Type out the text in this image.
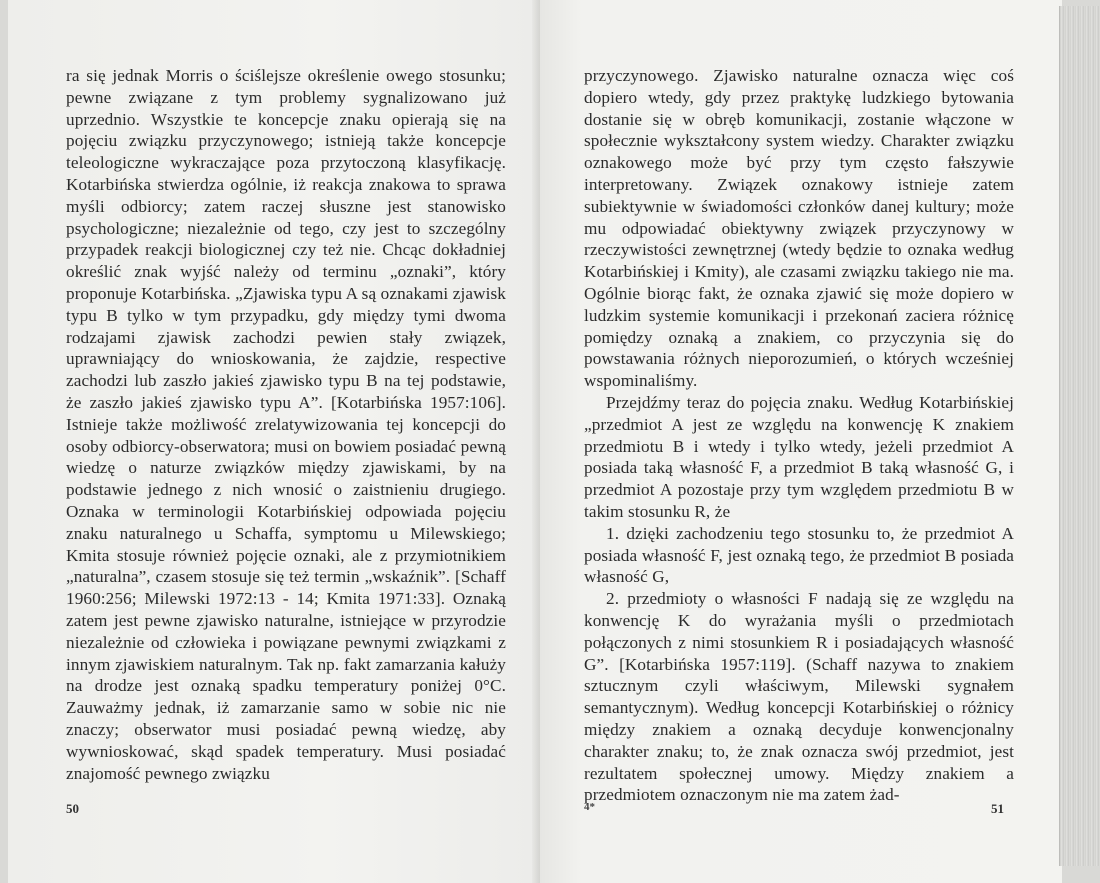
ra się jednak Morris o ściślejsze określenie owego stosunku; pewne związane z tym problemy sygnalizowano już uprzednio. Wszystkie te koncepcje znaku opierają się na pojęciu związku przyczynowego; istnieją także koncepcje teleologiczne wykraczające poza przytoczoną klasyfikację. Kotarbińska stwierdza ogólnie, iż reakcja znakowa to sprawa myśli odbiorcy; zatem raczej słuszne jest stanowisko psychologiczne; niezależnie od tego, czy jest to szczególny przypadek reakcji biologicznej czy też nie. Chcąc dokładniej określić znak wyjść należy od terminu „oznaki”, który proponuje Kotarbińska. „Zjawiska typu A są oznakami zjawisk typu B tylko w tym przypadku, gdy między tymi dwoma rodzajami zjawisk zachodzi pewien stały związek, uprawniający do wnioskowania, że zajdzie, respective zachodzi lub zaszło jakieś zjawisko typu B na tej podstawie, że zaszło jakieś zjawisko typu A”. [Kotarbińska 1957:106]. Istnieje także możliwość zrelatywizowania tej koncepcji do osoby odbiorcy-obserwatora; musi on bowiem posiadać pewną wiedzę o naturze związków między zjawiskami, by na podstawie jednego z nich wnosić o zaistnieniu drugiego. Oznaka w terminologii Kotarbińskiej odpowiada pojęciu znaku naturalnego u Schaffa, symptomu u Milewskiego; Kmita stosuje również pojęcie oznaki, ale z przymiotnikiem „naturalna”, czasem stosuje się też termin „wskaźnik”. [Schaff 1960:256; Milewski 1972:13 - 14; Kmita 1971:33]. Oznaką zatem jest pewne zjawisko naturalne, istniejące w przyrodzie niezależnie od człowieka i powiązane pewnymi związkami z innym zjawiskiem naturalnym. Tak np. fakt zamarzania kałuży na drodze jest oznaką spadku temperatury poniżej 0°C. Zauważmy jednak, iż zamarzanie samo w sobie nic nie znaczy; obserwator musi posiadać pewną wiedzę, aby wywnioskować, skąd spadek temperatury. Musi posiadać znajomość pewnego związku

50

przyczynowego. Zjawisko naturalne oznacza więc coś dopiero wtedy, gdy przez praktykę ludzkiego bytowania dostanie się w obręb komunikacji, zostanie włączone w społecznie wykształcony system wiedzy. Charakter związku oznakowego może być przy tym często fałszywie interpretowany. Związek oznakowy istnieje zatem subiektywnie w świadomości członków danej kultury; może mu odpowiadać obiektywny związek przyczynowy w rzeczywistości zewnętrznej (wtedy będzie to oznaka według Kotarbińskiej i Kmity), ale czasami związku takiego nie ma. Ogólnie biorąc fakt, że oznaka zjawić się może dopiero w ludzkim systemie komunikacji i przekonań zaciera różnicę pomiędzy oznaką a znakiem, co przyczynia się do powstawania różnych nieporozumień, o których wcześniej wspominaliśmy.

Przejdźmy teraz do pojęcia znaku. Według Kotarbińskiej „przedmiot A jest ze względu na konwencję K znakiem przedmiotu B i wtedy i tylko wtedy, jeżeli przedmiot A posiada taką własność F, a przedmiot B taką własność G, i przedmiot A pozostaje przy tym względem przedmiotu B w takim stosunku R, że

1. dzięki zachodzeniu tego stosunku to, że przedmiot A posiada własność F, jest oznaką tego, że przedmiot B posiada własność G,

2. przedmioty o własności F nadają się ze względu na konwencję K do wyrażania myśli o przedmiotach połączonych z nimi stosunkiem R i posiadających własność G”. [Kotarbińska 1957:119]. (Schaff nazywa to znakiem sztucznym czyli właściwym, Milewski sygnałem semantycznym). Według koncepcji Kotarbińskiej o różnicy między znakiem a oznaką decyduje konwencjonalny charakter znaku; to, że znak oznacza swój przedmiot, jest rezultatem społecznej umowy. Między znakiem a przedmiotem oznaczonym nie ma zatem żad-

4*	51
